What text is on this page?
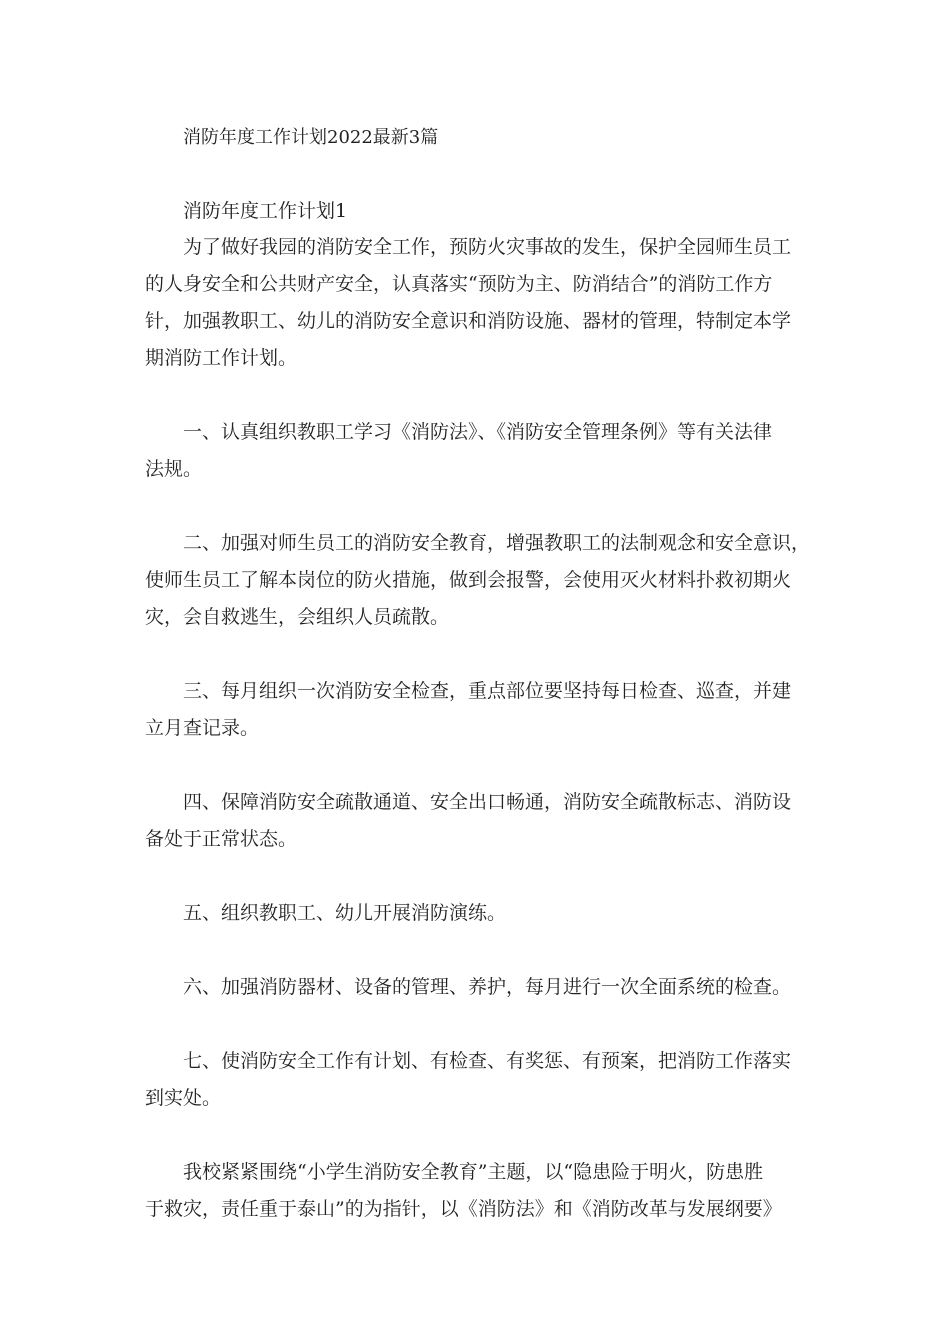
消防年度工作计划2022最新3篇
消防年度工作计划1
为了做好我园的消防安全工作，预防火灾事故的发生，保护全园师生员工
的人身安全和公共财产安全，认真落实“预防为主、防消结合”的消防工作方
针，加强教职工、幼儿的消防安全意识和消防设施、器材的管理，特制定本学
期消防工作计划。
一、认真组织教职工学习《消防法》、《消防安全管理条例》等有关法律
法规。
二、加强对师生员工的消防安全教育，增强教职工的法制观念和安全意识，
使师生员工了解本岗位的防火措施，做到会报警，会使用灭火材料扑救初期火
灾，会自救逃生，会组织人员疏散。
三、每月组织一次消防安全检查，重点部位要坚持每日检查、巡查，并建
立月查记录。
四、保障消防安全疏散通道、安全出口畅通，消防安全疏散标志、消防设
备处于正常状态。
五、组织教职工、幼儿开展消防演练。
六、加强消防器材、设备的管理、养护，每月进行一次全面系统的检查。
七、使消防安全工作有计划、有检查、有奖惩、有预案，把消防工作落实
到实处。
我校紧紧围绕“小学生消防安全教育”主题，以“隐患险于明火，防患胜
于救灾，责任重于泰山”的为指针，以《消防法》和《消防改革与发展纲要》
